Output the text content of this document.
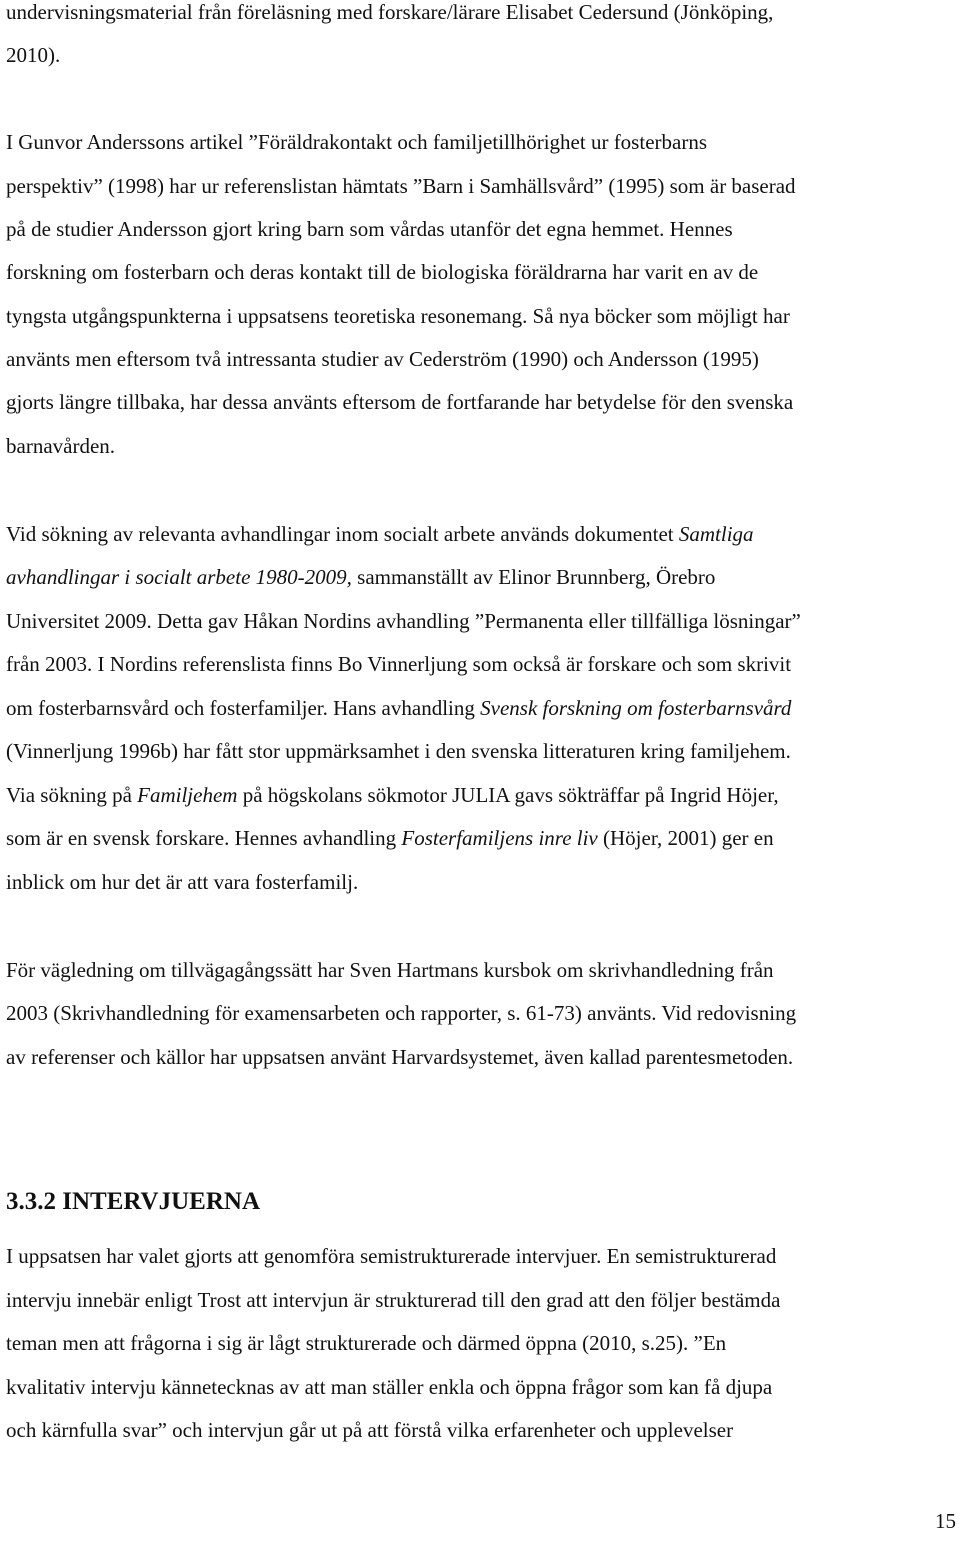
undervisningsmaterial från föreläsning med forskare/lärare Elisabet Cedersund (Jönköping,
2010).
I Gunvor Anderssons artikel ”Föräldrakontakt och familjetillhörighet ur fosterbarns
perspektiv” (1998) har ur referenslistan hämtats ”Barn i Samhällsvård” (1995) som är baserad
på de studier Andersson gjort kring barn som vårdas utanför det egna hemmet. Hennes
forskning om fosterbarn och deras kontakt till de biologiska föräldrarna har varit en av de
tyngsta utgångspunkterna i uppsatsens teoretiska resonemang. Så nya böcker som möjligt har
använts men eftersom två intressanta studier av Cederström (1990) och Andersson (1995)
gjorts längre tillbaka, har dessa använts eftersom de fortfarande har betydelse för den svenska
barnavården.
Vid sökning av relevanta avhandlingar inom socialt arbete används dokumentet Samtliga
avhandlingar i socialt arbete 1980-2009, sammanställt av Elinor Brunnberg, Örebro
Universitet 2009. Detta gav Håkan Nordins avhandling ”Permanenta eller tillfälliga lösningar”
från 2003. I Nordins referenslista finns Bo Vinnerljung som också är forskare och som skrivit
om fosterbarnsvård och fosterfamiljer. Hans avhandling Svensk forskning om fosterbarnsvård
(Vinnerljung 1996b) har fått stor uppmärksamhet i den svenska litteraturen kring familjehem.
Via sökning på Familjehem på högskolans sökmotor JULIA gavs sökträffar på Ingrid Höjer,
som är en svensk forskare. Hennes avhandling Fosterfamiljens inre liv (Höjer, 2001) ger en
inblick om hur det är att vara fosterfamilj.
För vägledning om tillvägagångssätt har Sven Hartmans kursbok om skrivhandledning från
2003 (Skrivhandledning för examensarbeten och rapporter, s. 61-73) använts. Vid redovisning
av referenser och källor har uppsatsen använt Harvardsystemet, även kallad parentesmetoden.
3.3.2 INTERVJUERNA
I uppsatsen har valet gjorts att genomföra semistrukturerade intervjuer. En semistrukturerad
intervju innebär enligt Trost att intervjun är strukturerad till den grad att den följer bestämda
teman men att frågorna i sig är lågt strukturerade och därmed öppna (2010, s.25). ”En
kvalitativ intervju kännetecknas av att man ställer enkla och öppna frågor som kan få djupa
och kärnfulla svar” och intervjun går ut på att förstå vilka erfarenheter och upplevelser
15
